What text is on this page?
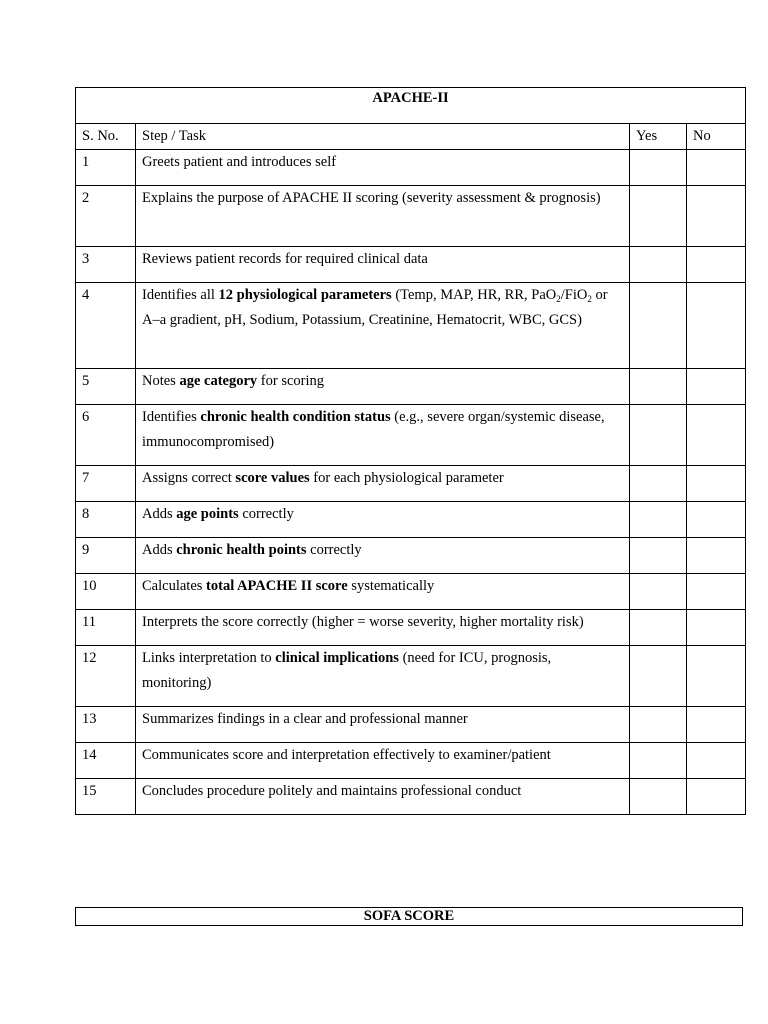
APACHE-II			
S. No.	Step / Task	Yes	No
1	Greets patient and introduces self		
2	Explains the purpose of APACHE II scoring (severity assessment & prognosis)		
3	Reviews patient records for required clinical data		
4	Identifies all 12 physiological parameters (Temp, MAP, HR, RR, PaO$_2$/FiO$_2$ or A–a gradient, pH, Sodium, Potassium, Creatinine, Hematocrit, WBC, GCS)		
5	Notes age category for scoring		
6	Identifies chronic health condition status (e.g., severe organ/systemic disease, immunocompromised)		
7	Assigns correct score values for each physiological parameter		
8	Adds age points correctly		
9	Adds chronic health points correctly		
10	Calculates total APACHE II score systematically		
11	Interprets the score correctly (higher = worse severity, higher mortality risk)		
12	Links interpretation to clinical implications (need for ICU, prognosis, monitoring)		
13	Summarizes findings in a clear and professional manner		
14	Communicates score and interpretation effectively to examiner/patient		
15	Concludes procedure politely and maintains professional conduct		
SOFA SCORE
